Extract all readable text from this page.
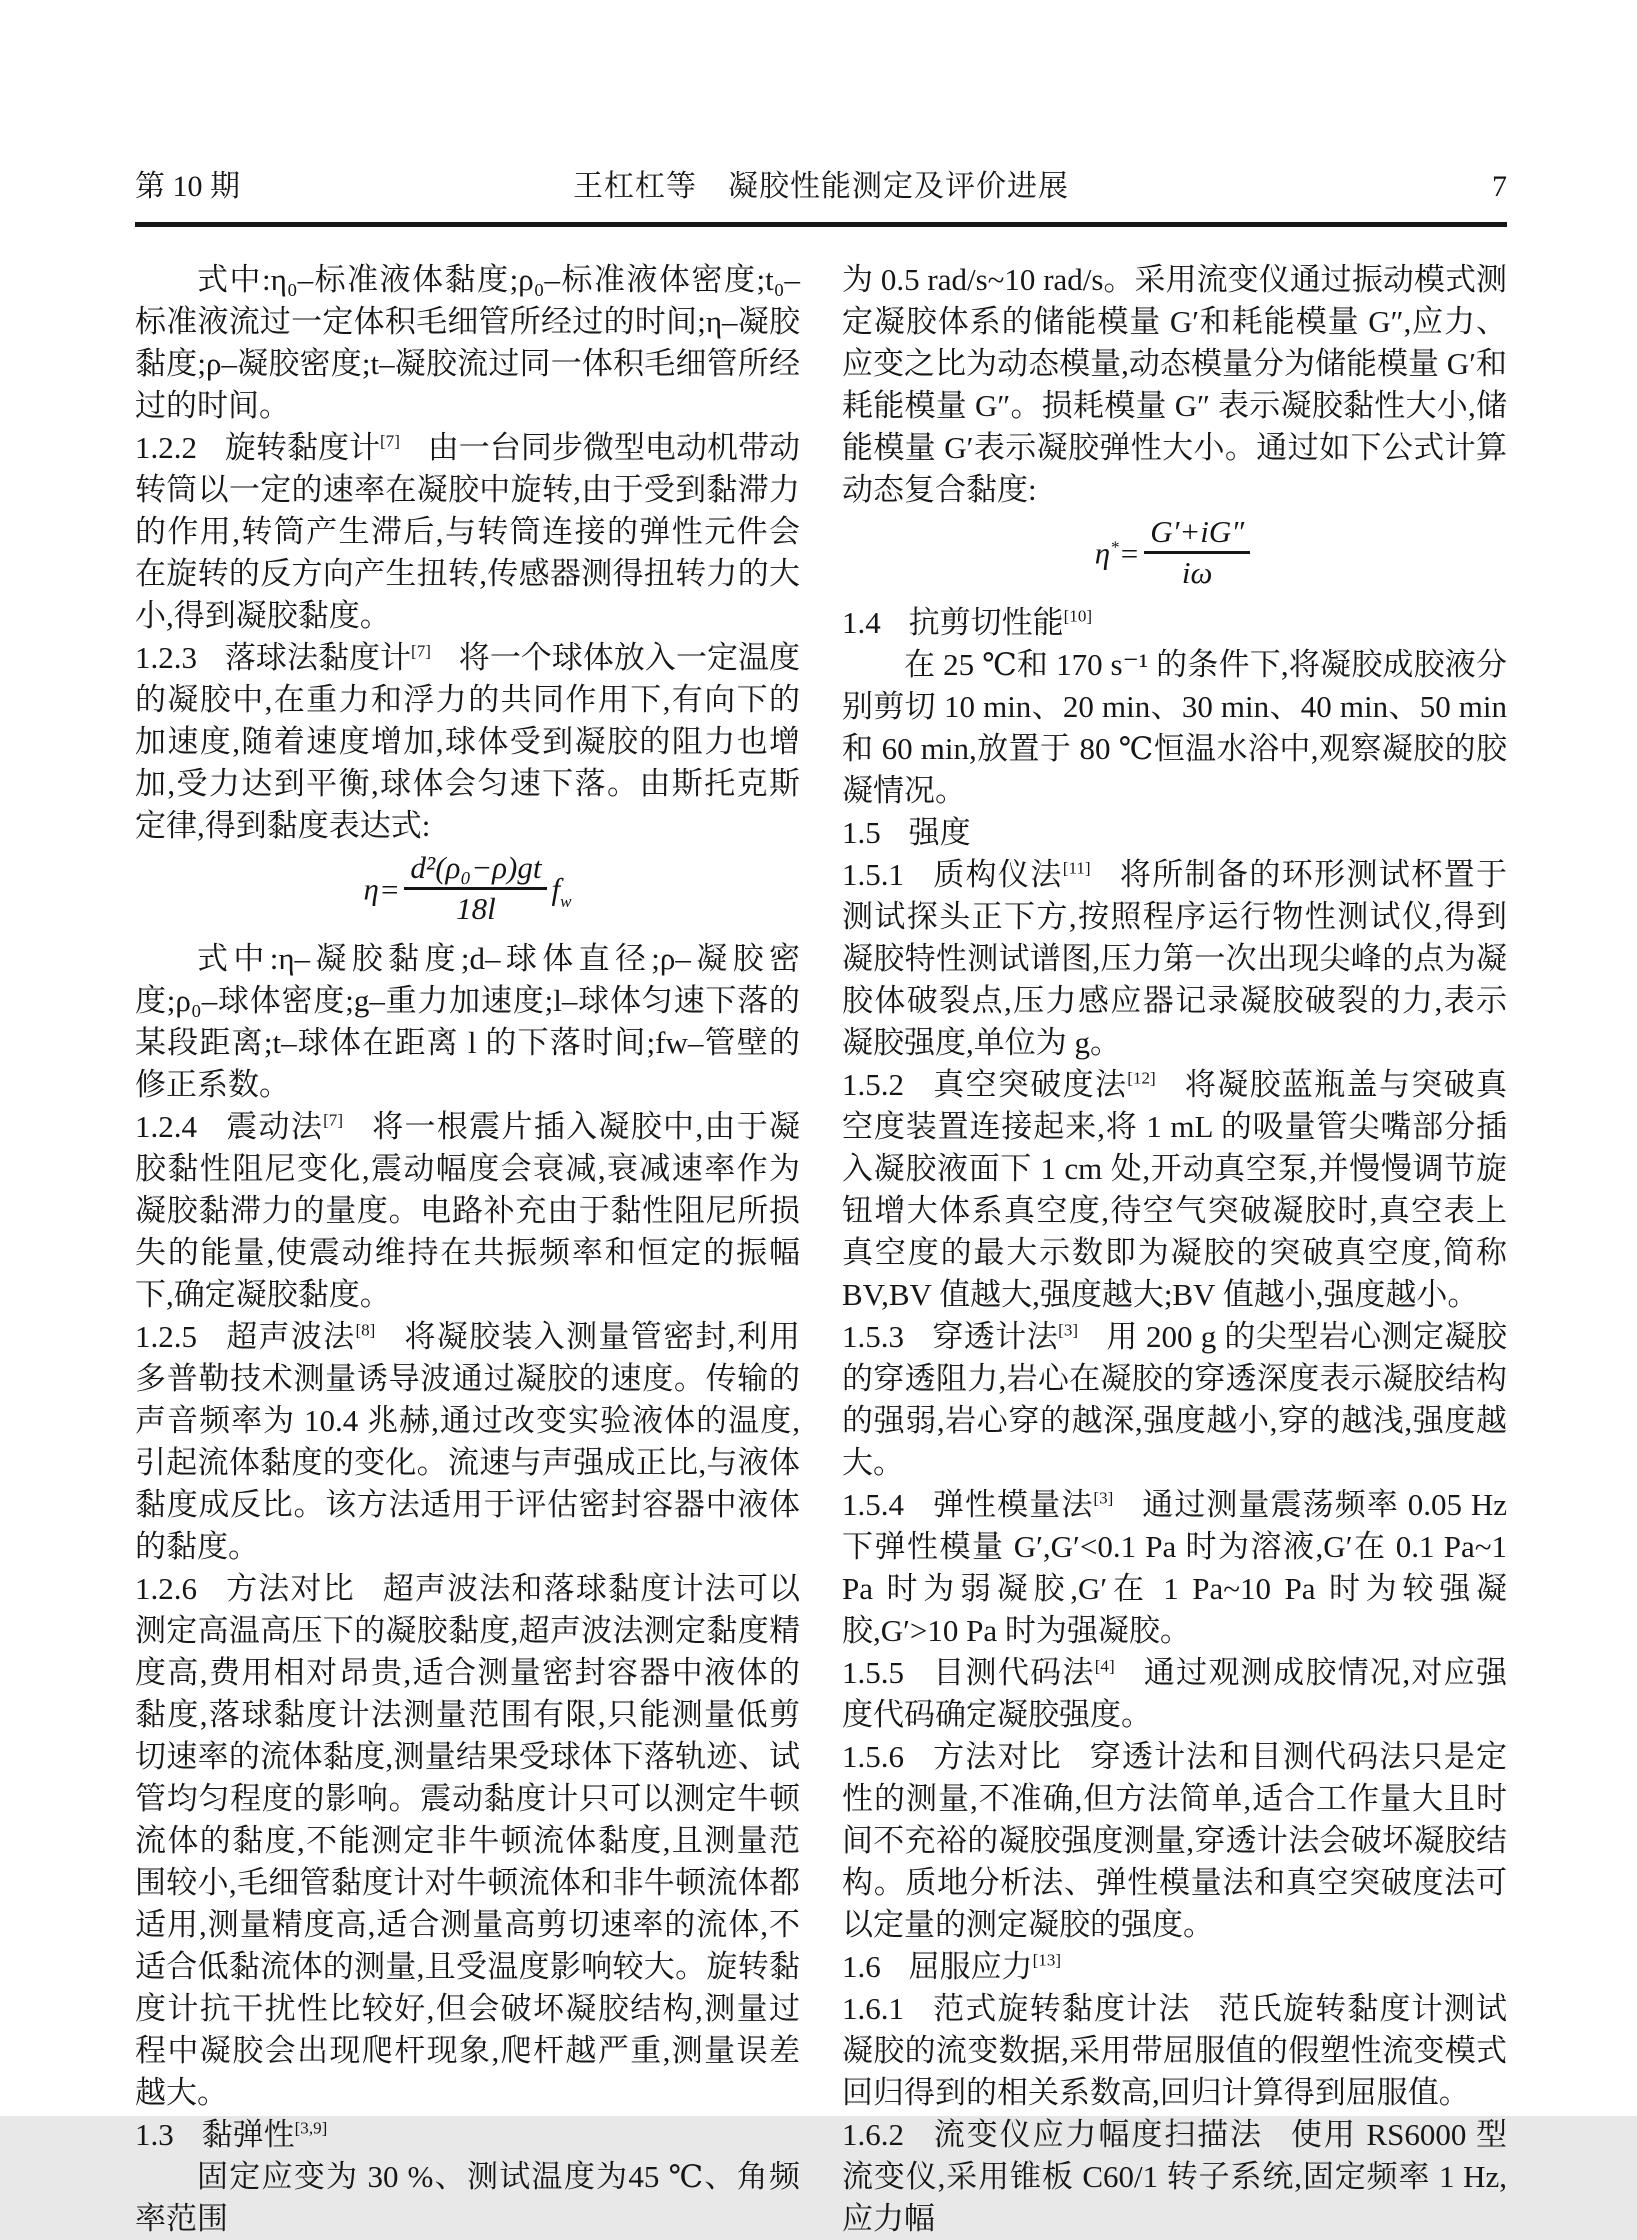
第 10 期	王杠杠等　凝胶性能测定及评价进展	7

式中:η₀–标准液体黏度;ρ₀–标准液体密度;t₀–标准液流过一定体积毛细管所经过的时间;η–凝胶黏度;ρ–凝胶密度;t–凝胶流过同一体积毛细管所经过的时间。

1.2.2 旋转黏度计[7] 由一台同步微型电动机带动转筒以一定的速率在凝胶中旋转,由于受到黏滞力的作用,转筒产生滞后,与转筒连接的弹性元件会在旋转的反方向产生扭转,传感器测得扭转力的大小,得到凝胶黏度。

1.2.3 落球法黏度计[7] 将一个球体放入一定温度的凝胶中,在重力和浮力的共同作用下,有向下的加速度,随着速度增加,球体受到凝胶的阻力也增加,受力达到平衡,球体会匀速下落。由斯托克斯定律,得到黏度表达式:

$\eta= \frac{\text{d²(ρ₀−ρ)gt}}{18l} f_w$

式中:η–凝胶黏度;d–球体直径;ρ–凝胶密度;ρ₀–球体密度;g–重力加速度;l–球体匀速下落的某段距离;t–球体在距离 l 的下落时间;fw–管壁的修正系数。

1.2.4 震动法[7] 将一根震片插入凝胶中,由于凝胶黏性阻尼变化,震动幅度会衰减,衰减速率作为凝胶黏滞力的量度。电路补充由于黏性阻尼所损失的能量,使震动维持在共振频率和恒定的振幅下,确定凝胶黏度。

1.2.5 超声波法[8] 将凝胶装入测量管密封,利用多普勒技术测量诱导波通过凝胶的速度。传输的声音频率为 10.4 兆赫,通过改变实验液体的温度,引起流体黏度的变化。流速与声强成正比,与液体黏度成反比。该方法适用于评估密封容器中液体的黏度。

1.2.6 方法对比 超声波法和落球黏度计法可以测定高温高压下的凝胶黏度,超声波法测定黏度精度高,费用相对昂贵,适合测量密封容器中液体的黏度,落球黏度计法测量范围有限,只能测量低剪切速率的流体黏度,测量结果受球体下落轨迹、试管均匀程度的影响。震动黏度计只可以测定牛顿流体的黏度,不能测定非牛顿流体黏度,且测量范围较小,毛细管黏度计对牛顿流体和非牛顿流体都适用,测量精度高,适合测量高剪切速率的流体,不适合低黏流体的测量,且受温度影响较大。旋转黏度计抗干扰性比较好,但会破坏凝胶结构,测量过程中凝胶会出现爬杆现象,爬杆越严重,测量误差越大。

1.3 黏弹性[3,9]

固定应变为 30 %、测试温度为45 ℃、角频率范围

为 0.5 rad/s~10 rad/s。采用流变仪通过振动模式测定凝胶体系的储能模量 G′和耗能模量 G″,应力、应变之比为动态模量,动态模量分为储能模量 G′和耗能模量 G″。损耗模量 G″ 表示凝胶黏性大小,储能模量 G′表示凝胶弹性大小。通过如下公式计算动态复合黏度:

$\eta^*= \frac{G'+iG''}{i\omega}$

1.4 抗剪切性能[10]

在 25 ℃和 170 s⁻¹ 的条件下,将凝胶成胶液分别剪切 10 min、20 min、30 min、40 min、50 min 和 60 min,放置于 80 ℃恒温水浴中,观察凝胶的胶凝情况。

1.5 强度

1.5.1 质构仪法[11] 将所制备的环形测试杯置于测试探头正下方,按照程序运行物性测试仪,得到凝胶特性测试谱图,压力第一次出现尖峰的点为凝胶体破裂点,压力感应器记录凝胶破裂的力,表示凝胶强度,单位为 g。

1.5.2 真空突破度法[12] 将凝胶蓝瓶盖与突破真空度装置连接起来,将 1 mL 的吸量管尖嘴部分插入凝胶液面下 1 cm 处,开动真空泵,并慢慢调节旋钮增大体系真空度,待空气突破凝胶时,真空表上真空度的最大示数即为凝胶的突破真空度,简称 BV,BV 值越大,强度越大;BV 值越小,强度越小。

1.5.3 穿透计法[3] 用 200 g 的尖型岩心测定凝胶的穿透阻力,岩心在凝胶的穿透深度表示凝胶结构的强弱,岩心穿的越深,强度越小,穿的越浅,强度越大。

1.5.4 弹性模量法[3] 通过测量震荡频率 0.05 Hz 下弹性模量 G′,G′<0.1 Pa 时为溶液,G′在 0.1 Pa~1 Pa 时为弱凝胶,G′在 1 Pa~10 Pa 时为较强凝胶,G′>10 Pa 时为强凝胶。

1.5.5 目测代码法[4] 通过观测成胶情况,对应强度代码确定凝胶强度。

1.5.6 方法对比 穿透计法和目测代码法只是定性的测量,不准确,但方法简单,适合工作量大且时间不充裕的凝胶强度测量,穿透计法会破坏凝胶结构。质地分析法、弹性模量法和真空突破度法可以定量的测定凝胶的强度。

1.6 屈服应力[13]

1.6.1 范式旋转黏度计法 范氏旋转黏度计测试凝胶的流变数据,采用带屈服值的假塑性流变模式回归得到的相关系数高,回归计算得到屈服值。

1.6.2 流变仪应力幅度扫描法 使用 RS6000 型流变仪,采用锥板 C60/1 转子系统,固定频率 1 Hz,应力幅
